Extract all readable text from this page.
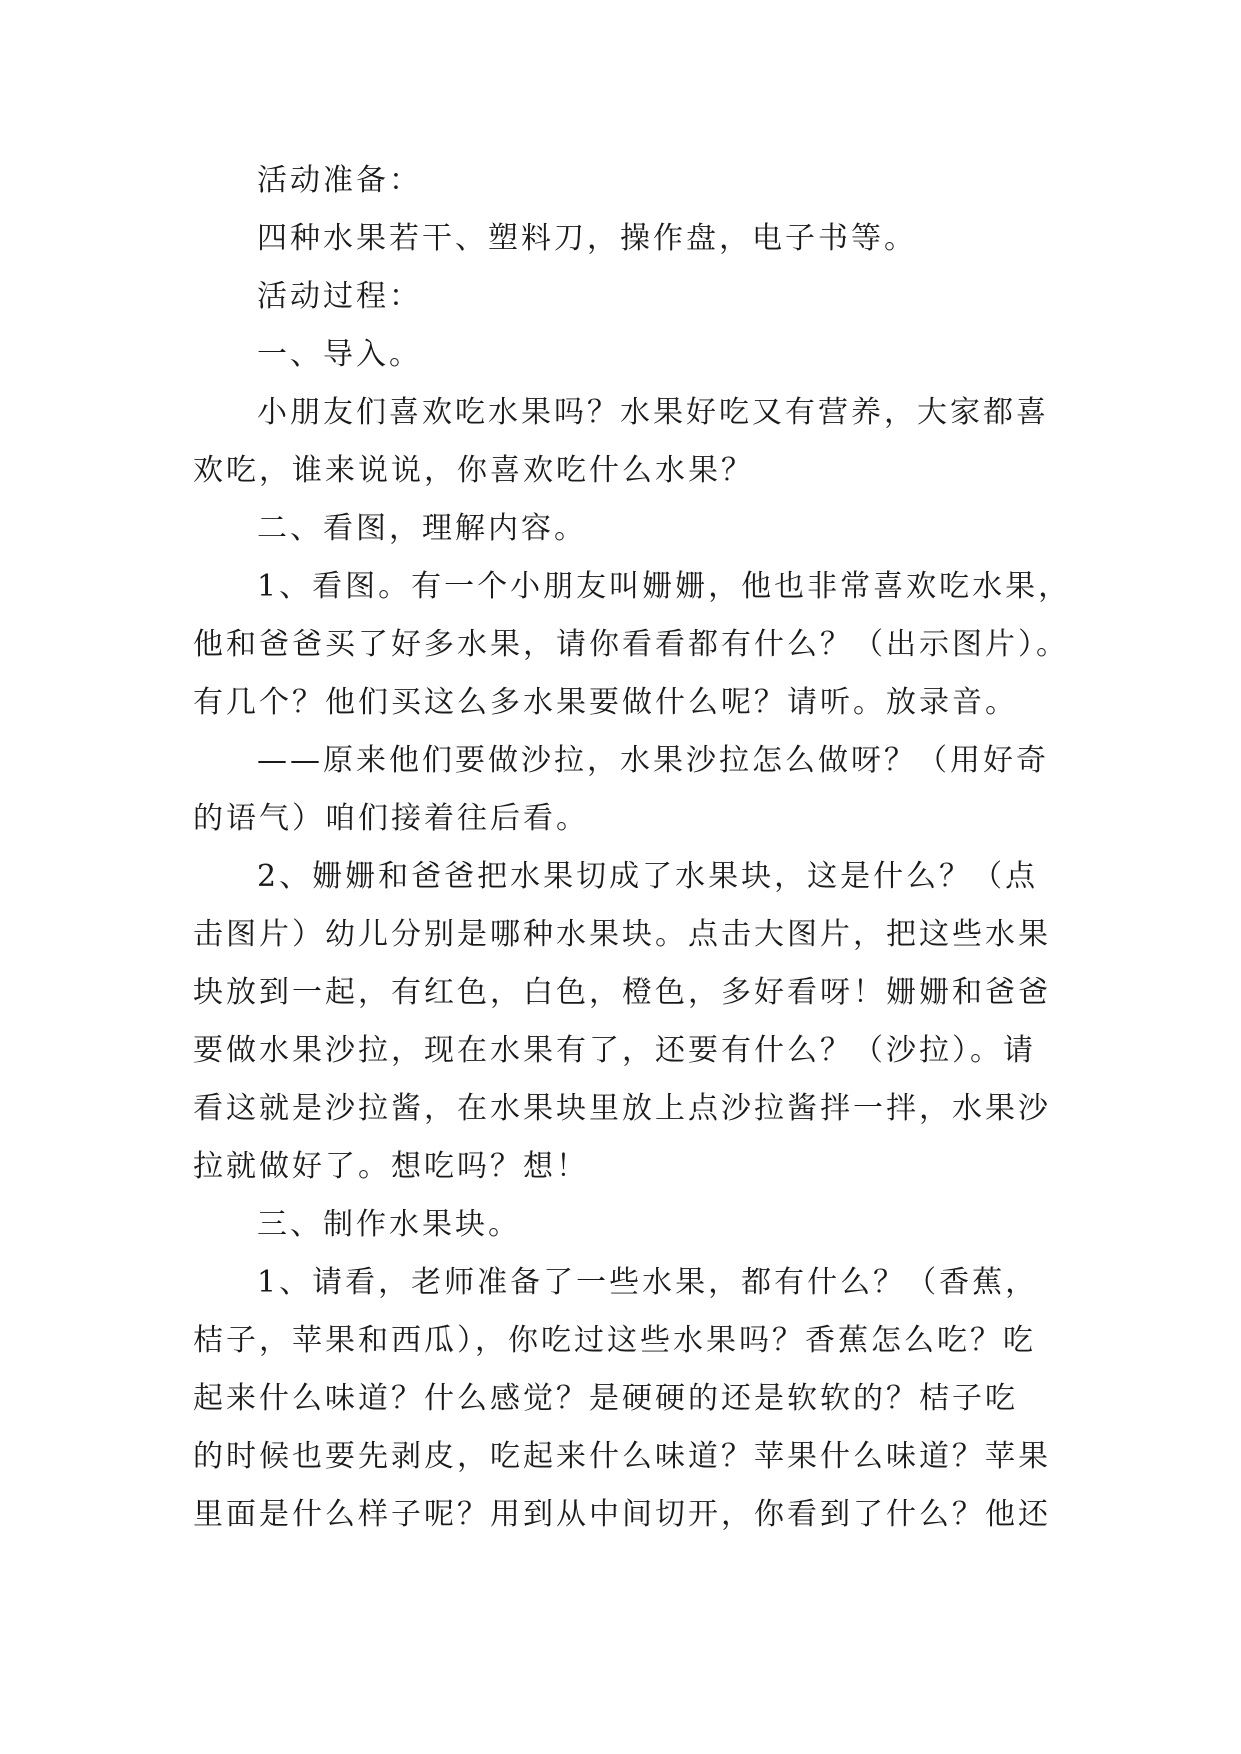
活动准备：
四种水果若干、塑料刀，操作盘，电子书等。
活动过程：
一、导入。
小朋友们喜欢吃水果吗？水果好吃又有营养，大家都喜
欢吃，谁来说说，你喜欢吃什么水果？
二、看图，理解内容。
1、看图。有一个小朋友叫姗姗，他也非常喜欢吃水果，
他和爸爸买了好多水果，请你看看都有什么？（出示图片）。
有几个？他们买这么多水果要做什么呢？请听。放录音。
——原来他们要做沙拉，水果沙拉怎么做呀？（用好奇
的语气）咱们接着往后看。
2、姗姗和爸爸把水果切成了水果块，这是什么？（点
击图片）幼儿分别是哪种水果块。点击大图片，把这些水果
块放到一起，有红色，白色，橙色，多好看呀！姗姗和爸爸
要做水果沙拉，现在水果有了，还要有什么？（沙拉）。请
看这就是沙拉酱，在水果块里放上点沙拉酱拌一拌，水果沙
拉就做好了。想吃吗？想！
三、制作水果块。
1、请看，老师准备了一些水果，都有什么？（香蕉，
桔子，苹果和西瓜），你吃过这些水果吗？香蕉怎么吃？吃
起来什么味道？什么感觉？是硬硬的还是软软的？桔子吃
的时候也要先剥皮，吃起来什么味道？苹果什么味道？苹果
里面是什么样子呢？用到从中间切开，你看到了什么？他还
